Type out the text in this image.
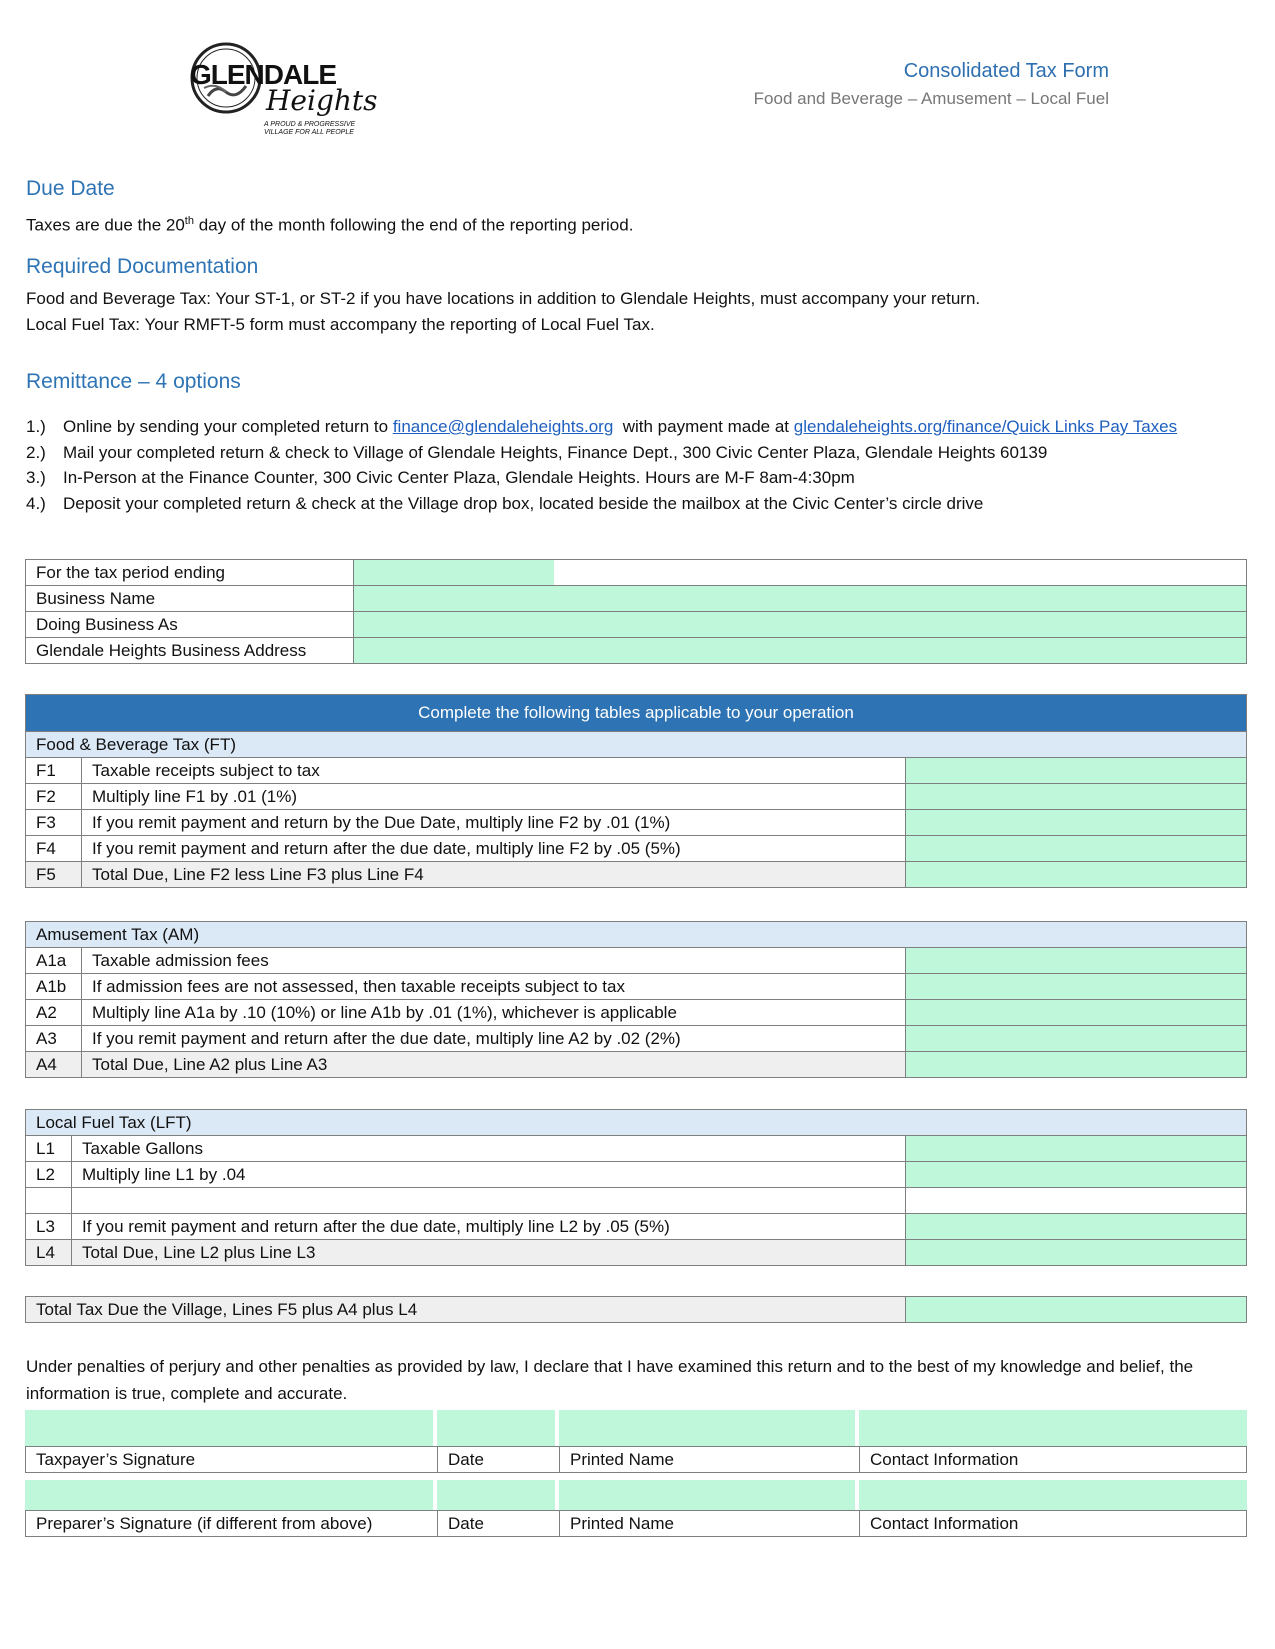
GLENDALE
Heights
A PROUD & PROGRESSIVE
VILLAGE FOR ALL PEOPLE
Consolidated Tax Form
Food and Beverage – Amusement – Local Fuel
Due Date
Taxes are due the 20th day of the month following the end of the reporting period.
Required Documentation
Food and Beverage Tax: Your ST-1, or ST-2 if you have locations in addition to Glendale Heights, must accompany your return.
Local Fuel Tax: Your RMFT-5 form must accompany the reporting of Local Fuel Tax.
Remittance – 4 options
1.)	Online by sending your completed return to finance@glendaleheights.org  with payment made at glendaleheights.org/finance/Quick Links Pay Taxes
2.)	Mail your completed return & check to Village of Glendale Heights, Finance Dept., 300 Civic Center Plaza, Glendale Heights 60139
3.)	In-Person at the Finance Counter, 300 Civic Center Plaza, Glendale Heights. Hours are M-F 8am-4:30pm
4.)	Deposit your completed return & check at the Village drop box, located beside the mailbox at the Civic Center’s circle drive
For the tax period ending		
Business Name		
Doing Business As		
Glendale Heights Business Address		
Complete the following tables applicable to your operation		
Food & Beverage Tax (FT)		
F1	Taxable receipts subject to tax	
F2	Multiply line F1 by .01 (1%)	
F3	If you remit payment and return by the Due Date, multiply line F2 by .01 (1%)	
F4	If you remit payment and return after the due date, multiply line F2 by .05 (5%)	
F5	Total Due, Line F2 less Line F3 plus Line F4	
Amusement Tax (AM)		
A1a	Taxable admission fees	
A1b	If admission fees are not assessed, then taxable receipts subject to tax	
A2	Multiply line A1a by .10 (10%) or line A1b by .01 (1%), whichever is applicable	
A3	If you remit payment and return after the due date, multiply line A2 by .02 (2%)	
A4	Total Due, Line A2 plus Line A3	
Local Fuel Tax (LFT)		
L1	Taxable Gallons	
L2	Multiply line L1 by .04	

L3	If you remit payment and return after the due date, multiply line L2 by .05 (5%)	
L4	Total Due, Line L2 plus Line L3	
Total Tax Due the Village, Lines F5 plus A4 plus L4	
Under penalties of perjury and other penalties as provided by law, I declare that I have examined this return and to the best of my knowledge and belief, the information is true, complete and accurate.

Taxpayer’s Signature	Date	Printed Name	Contact Information

Preparer’s Signature (if different from above)	Date	Printed Name	Contact Information
